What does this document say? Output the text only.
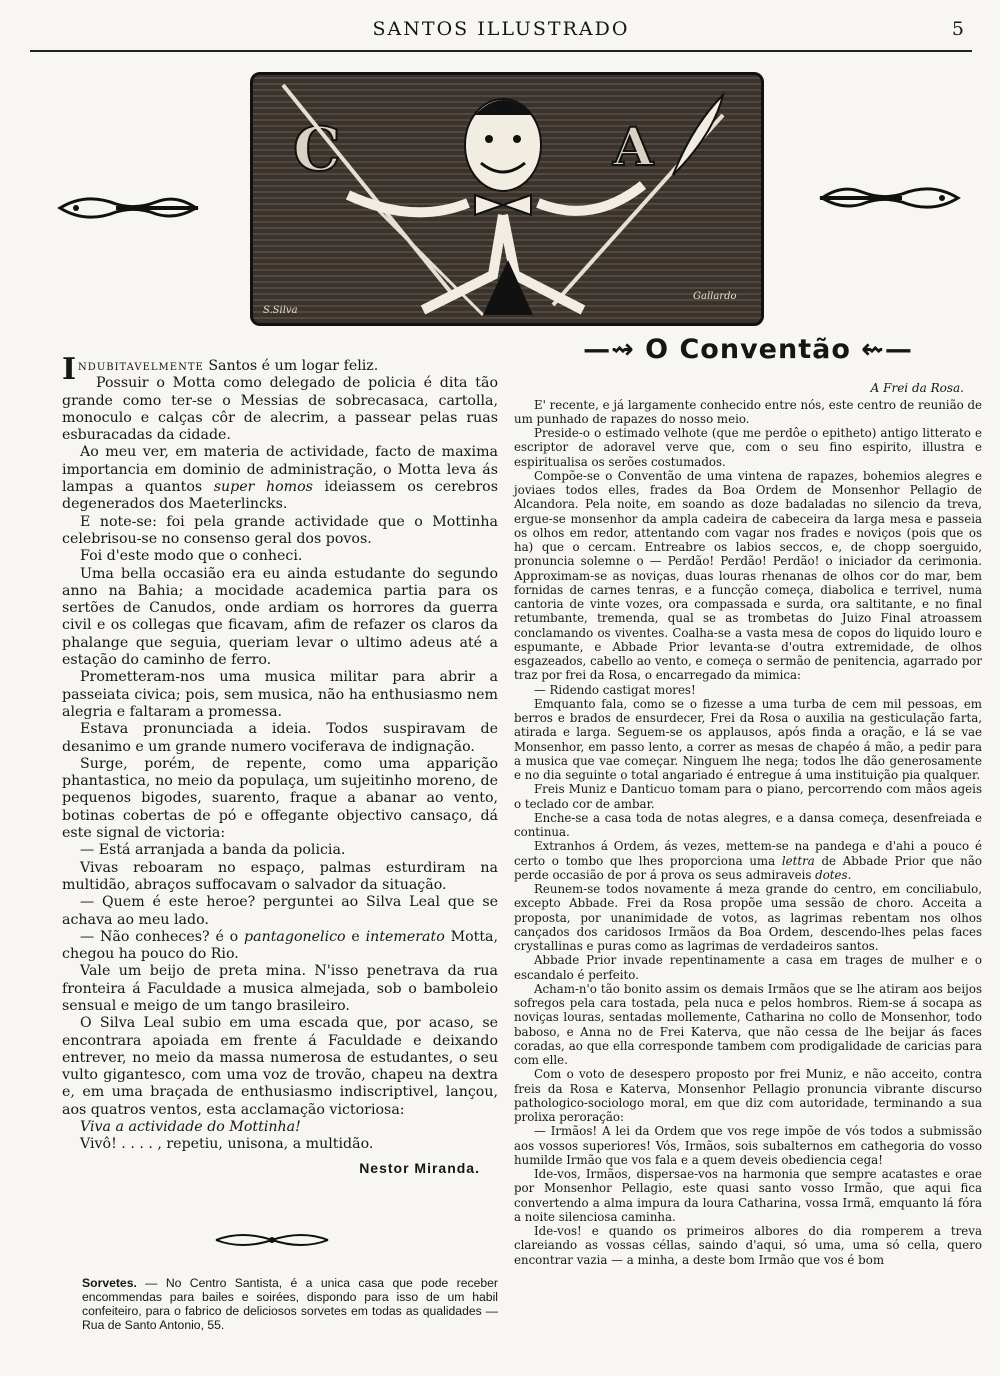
SANTOS ILLUSTRADO	5
C	A
S.Silva
Gallardo

Indubitavelmente Santos é um logar feliz.

Possuir o Motta como delegado de policia é dita tão grande como ter-se o Messias de sobrecasaca, cartolla, monoculo e calças côr de alecrim, a passear pelas ruas esburacadas da cidade.

Ao meu ver, em materia de actividade, facto de maxima importancia em dominio de administração, o Motta leva ás lampas a quantos super homos ideiassem os cerebros degenerados dos Maeterlincks.

E note-se: foi pela grande actividade que o Mottinha celebrisou-se no consenso geral dos povos.

Foi d'este modo que o conheci.

Uma bella occasião era eu ainda estudante do segundo anno na Bahia; a mocidade academica partia para os sertões de Canudos, onde ardiam os horrores da guerra civil e os collegas que ficavam, afim de refazer os claros da phalange que seguia, queriam levar o ultimo adeus até a estação do caminho de ferro.

Prometteram-nos uma musica militar para abrir a passeiata civica; pois, sem musica, não ha enthusiasmo nem alegria e faltaram a promessa.

Estava pronunciada a ideia. Todos suspiravam de desanimo e um grande numero vociferava de indignação.

Surge, porém, de repente, como uma apparição phantastica, no meio da populaça, um sujeitinho moreno, de pequenos bigodes, suarento, fraque a abanar ao vento, botinas cobertas de pó e offegante objectivo cansaço, dá este signal de victoria:

— Está arranjada a banda da policia.

Vivas reboaram no espaço, palmas esturdiram na multidão, abraços suffocavam o salvador da situação.

— Quem é este heroe? perguntei ao Silva Leal que se achava ao meu lado.

— Não conheces? é o pantagonelico e intemerato Motta, chegou ha pouco do Rio.

Vale um beijo de preta mina. N'isso penetrava da rua fronteira á Faculdade a musica almejada, sob o bamboleio sensual e meigo de um tango brasileiro.

O Silva Leal subio em uma escada que, por acaso, se encontrara apoiada em frente á Faculdade e deixando entrever, no meio da massa numerosa de estudantes, o seu vulto gigantesco, com uma voz de trovão, chapeu na dextra e, em uma braçada de enthusiasmo indiscriptivel, lançou, aos quatros ventos, esta acclamação victoriosa:

Viva a actividade do Mottinha!

Vivô! . . . . , repetiu, unisona, a multidão.

Nestor Miranda.
Sorvetes. — No Centro Santista, é a unica casa que pode receber encommendas para bailes e soirées, dispondo para isso de um habil confeiteiro, para o fabrico de deliciosos sorvetes em todas as qualidades — Rua de Santo Antonio, 55.
—⇝ O Conventão ⇜—
A Frei da Rosa.

E' recente, e já largamente conhecido entre nós, este centro de reunião de um punhado de rapazes do nosso meio.

Preside-o o estimado velhote (que me perdôe o epitheto) antigo litterato e escriptor de adoravel verve que, com o seu fino espirito, illustra e espiritualisa os serões costumados.

Compõe-se o Conventão de uma vintena de rapazes, bohemios alegres e joviaes todos elles, frades da Boa Ordem de Monsenhor Pellagio de Alcandora. Pela noite, em soando as doze badaladas no silencio da treva, ergue-se monsenhor da ampla cadeira de cabeceira da larga mesa e passeia os olhos em redor, attentando com vagar nos frades e noviços (pois que os ha) que o cercam. Entreabre os labios seccos, e, de chopp soerguido, pronuncia solemne o — Perdão! Perdão! Perdão! o iniciador da cerimonia. Approximam-se as noviças, duas louras rhenanas de olhos cor do mar, bem fornidas de carnes tenras, e a funcção começa, diabolica e terrivel, numa cantoria de vinte vozes, ora compassada e surda, ora saltitante, e no final retumbante, tremenda, qual se as trombetas do Juizo Final atroassem conclamando os viventes. Coalha-se a vasta mesa de copos do liquido louro e espumante, e Abbade Prior levanta-se d'outra extremidade, de olhos esgazeados, cabello ao vento, e começa o sermão de penitencia, agarrado por traz por frei da Rosa, o encarregado da mimica:

— Ridendo castigat mores!

Emquanto fala, como se o fizesse a uma turba de cem mil pessoas, em berros e brados de ensurdecer, Frei da Rosa o auxilia na gesticulação farta, atirada e larga. Seguem-se os applausos, após finda a oração, e lá se vae Monsenhor, em passo lento, a correr as mesas de chapéo á mão, a pedir para a musica que vae começar. Ninguem lhe nega; todos lhe dão generosamente e no dia seguinte o total angariado é entregue á uma instituição pia qualquer.

Freis Muniz e Danticuo tomam para o piano, percorrendo com mãos ageis o teclado cor de ambar.

Enche-se a casa toda de notas alegres, e a dansa começa, desenfreiada e continua.

Extranhos á Ordem, ás vezes, mettem-se na pandega e d'ahi a pouco é certo o tombo que lhes proporciona uma lettra de Abbade Prior que não perde occasião de por á prova os seus admiraveis dotes.

Reunem-se todos novamente á meza grande do centro, em conciliabulo, excepto Abbade. Frei da Rosa propõe uma sessão de choro. Acceita a proposta, por unanimidade de votos, as lagrimas rebentam nos olhos cançados dos caridosos Irmãos da Boa Ordem, descendo-lhes pelas faces crystallinas e puras como as lagrimas de verdadeiros santos.

Abbade Prior invade repentinamente a casa em trages de mulher e o escandalo é perfeito.

Acham-n'o tão bonito assim os demais Irmãos que se lhe atiram aos beijos sofregos pela cara tostada, pela nuca e pelos hombros. Riem-se á socapa as noviças louras, sentadas mollemente, Catharina no collo de Monsenhor, todo baboso, e Anna no de Frei Katerva, que não cessa de lhe beijar ás faces coradas, ao que ella corresponde tambem com prodigalidade de caricias para com elle.

Com o voto de desespero proposto por frei Muniz, e não acceito, contra freis da Rosa e Katerva, Monsenhor Pellagio pronuncia vibrante discurso pathologico-sociologo moral, em que diz com autoridade, terminando a sua prolixa peroração:

— Irmãos! A lei da Ordem que vos rege impõe de vós todos a submissão aos vossos superiores! Vós, Irmãos, sois subalternos em cathegoria do vosso humilde Irmão que vos fala e a quem deveis obediencia cega!

Ide-vos, Irmãos, dispersae-vos na harmonia que sempre acatastes e orae por Monsenhor Pellagio, este quasi santo vosso Irmão, que aqui fica convertendo a alma impura da loura Catharina, vossa Irmã, emquanto lá fóra a noite silenciosa caminha.

Ide-vos! e quando os primeiros albores do dia romperem a treva clareiando as vossas céllas, saindo d'aqui, só uma, uma só cella, quero encontrar vazia — a minha, a deste bom Irmão que vos é bom
